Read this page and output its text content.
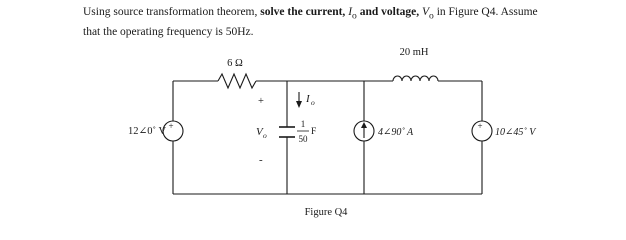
Using source transformation theorem, solve the current, $I_o$ and voltage, $V_o$ in Figure Q4. Assume
that the operating frequency is 50Hz.
+	+
6 Ω
20 mH
12∠0˚ V
I o
+
V o
-
1
50
F	4∠90˚ A	10∠45˚ V
Figure Q4
